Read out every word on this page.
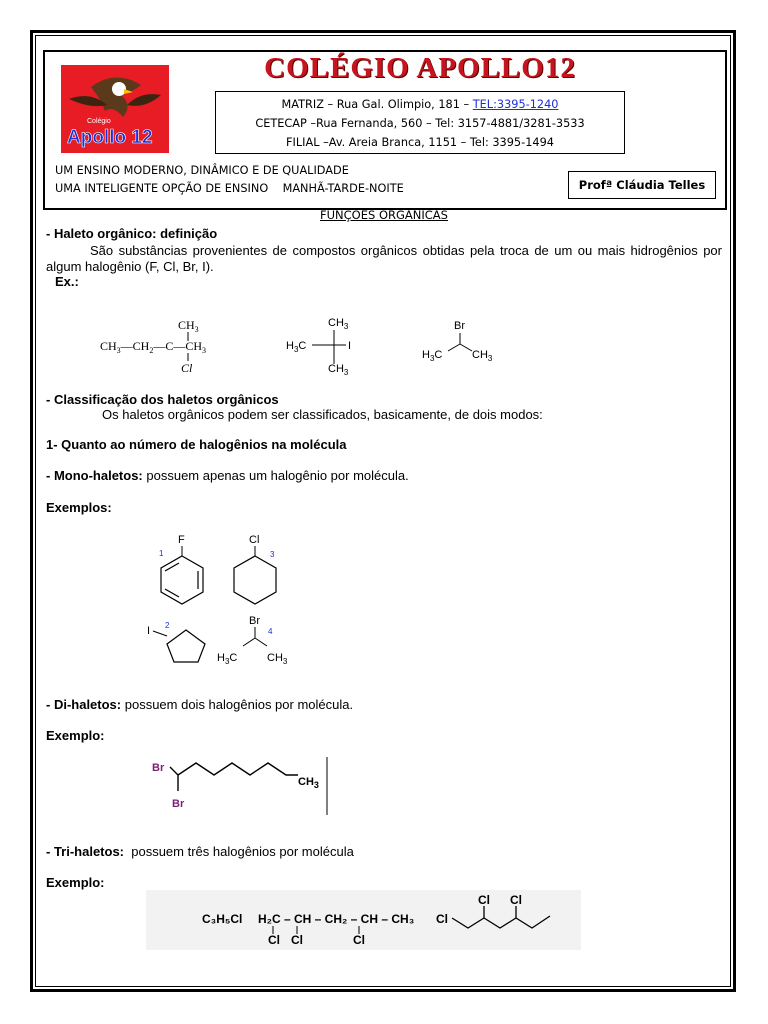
Colégio
Apollo 12
COLÉGIO APOLLO12
MATRIZ – Rua Gal. Olimpio, 181 – TEL:3395-1240
CETECAP –Rua Fernanda, 560 – Tel: 3157-4881/3281-3533
FILIAL –Av. Areia Branca, 1151 – Tel: 3395-1494
UM ENSINO MODERNO, DINÂMICO E DE QUALIDADE
UMA INTELIGENTE OPÇÃO DE ENSINO    MANHÃ-TARDE-NOITE	Profª Cláudia Telles
FUNÇÕES ORGÂNICAS
- Haleto orgânico: definição
São substâncias provenientes de compostos orgânicos obtidas pela troca de um ou mais hidrogênios por algum halogênio (F, Cl, Br, I).
Ex.:
$CH_3$
$CH_3—CH_2—C—CH_3$
Cl
$CH_3$
$H_3C$	I
$CH_3$
Br
$H_3C$	$CH_3$
- Classificação dos haletos orgânicos
Os haletos orgânicos podem ser classificados, basicamente, de dois modos:
1- Quanto ao número de halogênios na molécula
- Mono-haletos: possuem apenas um halogênio por molécula.
Exemplos:
1
F	Cl
3
I 2	Br
4
$H_3C$	$CH_3$
- Di-haletos: possuem dois halogênios por molécula.
Exemplo:
Br
Br
$CH_3$
- Tri-haletos:  possuem três halogênios por molécula
Exemplo:
C₃H₅Cl H₂C – CH – CH₂ – CH – CH₃
Cl Cl	Cl
Cl
Cl Cl
